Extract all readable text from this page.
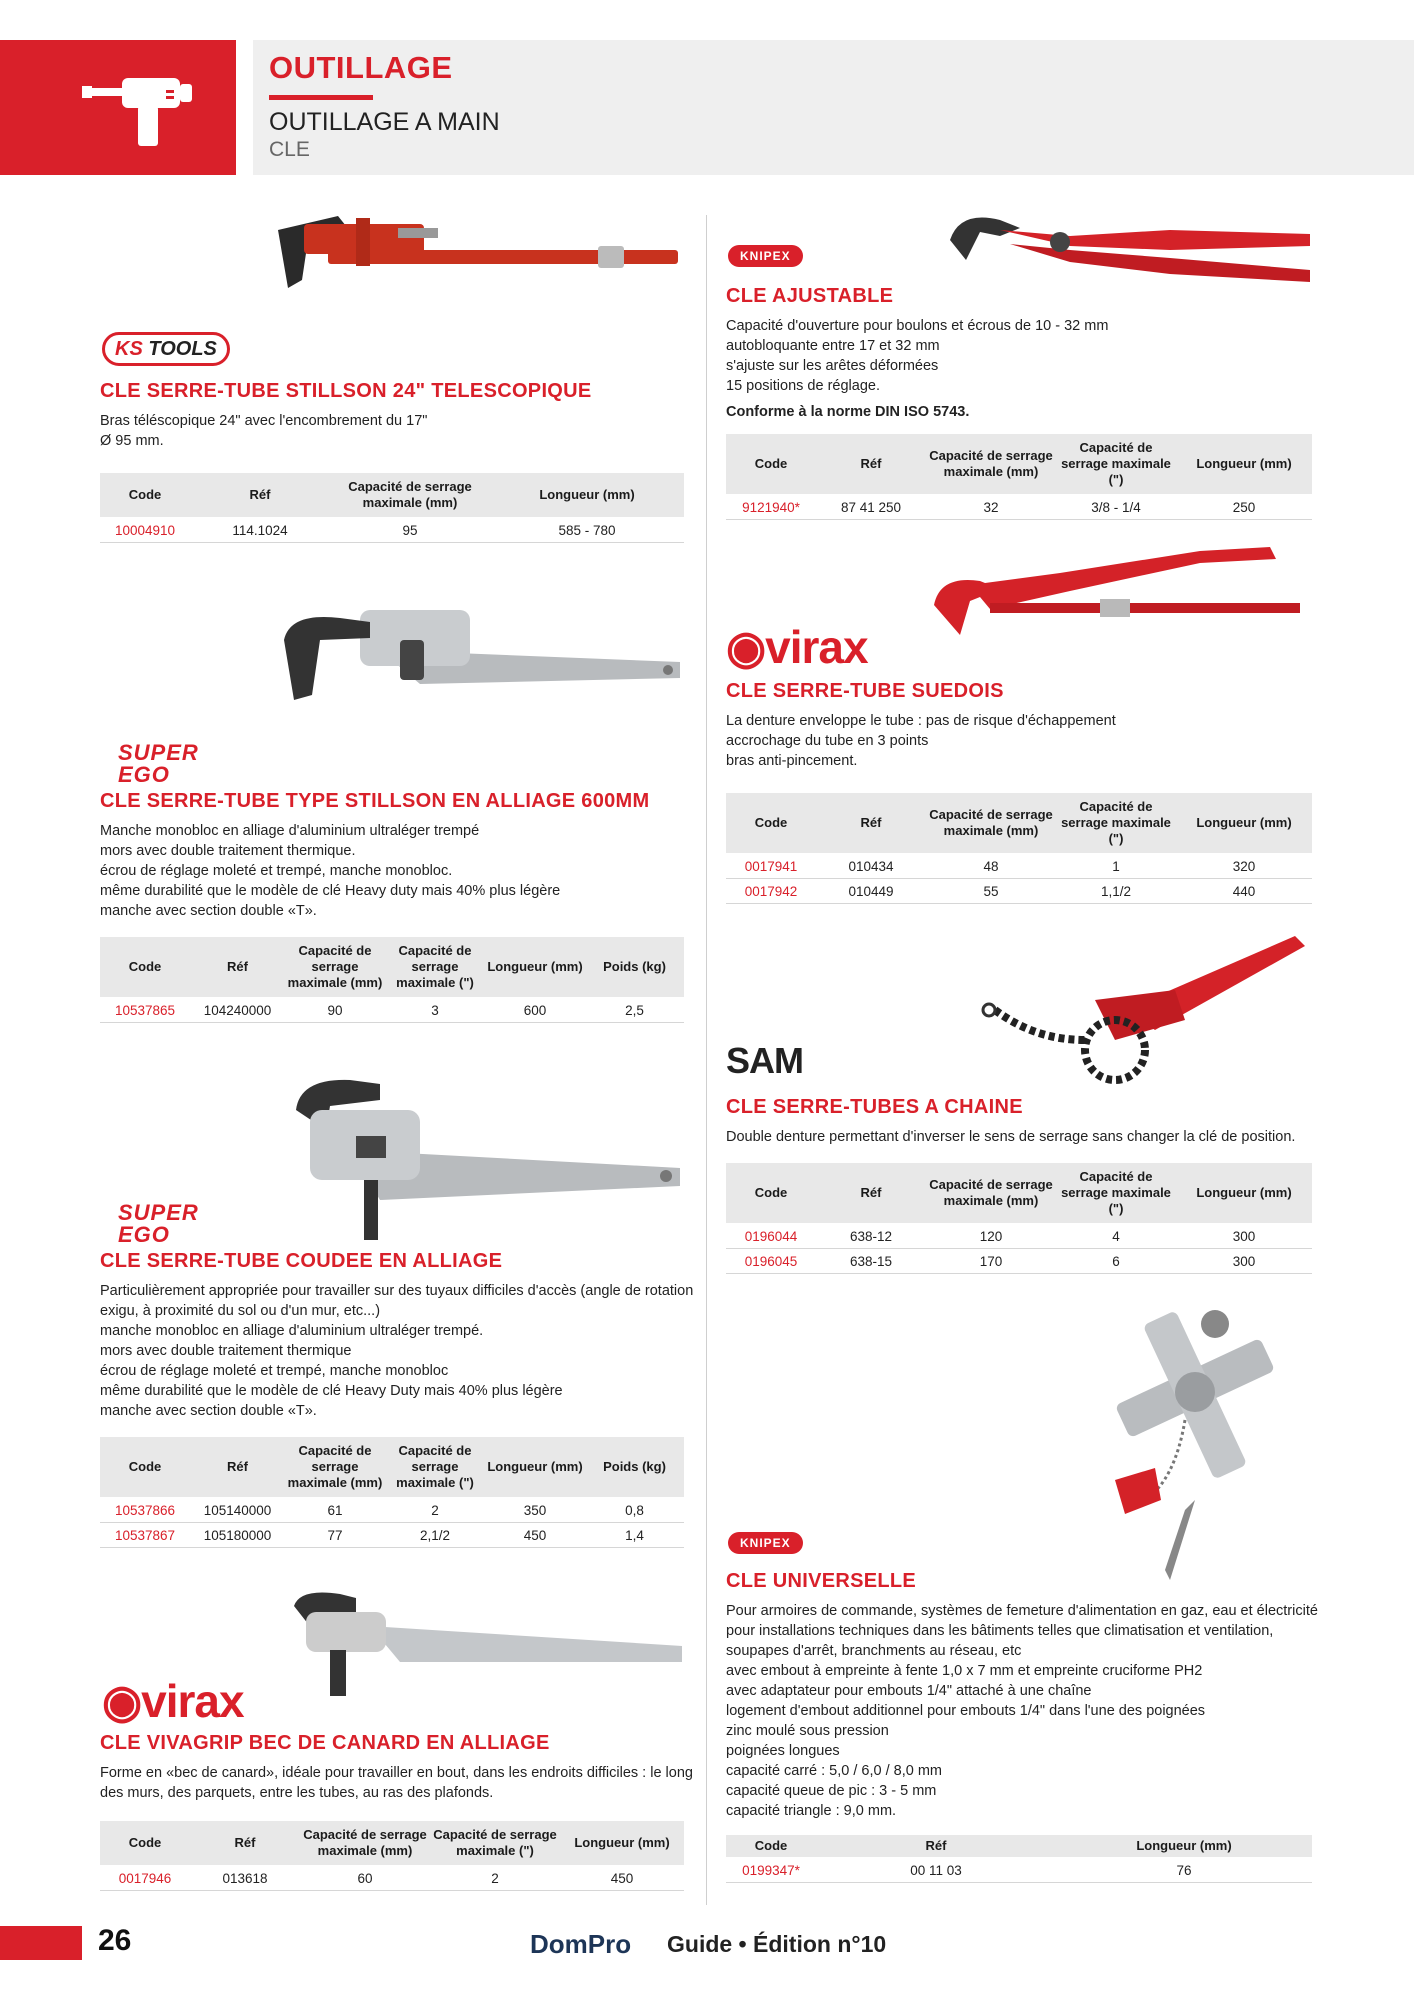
OUTILLAGE
OUTILLAGE A MAIN
CLE
KS TOOLS
CLE SERRE-TUBE STILLSON 24" TELESCOPIQUE

Bras téléscopique 24" avec l'encombrement du 17"

Ø 95 mm.

Code	Réf	Capacité de serrage maximale (mm)	Longueur (mm)
10004910	114.1024	95	585 - 780
SUPER
EGO
CLE SERRE-TUBE TYPE STILLSON EN ALLIAGE 600MM

Manche monobloc en alliage d'aluminium ultraléger trempé

mors avec double traitement thermique.

écrou de réglage moleté et trempé, manche monobloc.

même durabilité que le modèle de clé Heavy duty mais 40% plus légère

manche avec section double «T».

Code	Réf	Capacité de serrage maximale (mm)	Capacité de serrage maximale (")	Longueur (mm)	Poids (kg)
10537865	104240000	90	3	600	2,5
SUPER
EGO
CLE SERRE-TUBE COUDEE EN ALLIAGE

Particulièrement appropriée pour travailler sur des tuyaux difficiles d'accès (angle de rotation

exigu, à proximité du sol ou d'un mur, etc...)

manche monobloc en alliage d'aluminium ultraléger trempé.

mors avec double traitement thermique

écrou de réglage moleté et trempé, manche monobloc

même durabilité que le modèle de clé Heavy Duty mais 40% plus légère

manche avec section double «T».

Code	Réf	Capacité de serrage maximale (mm)	Capacité de serrage maximale (")	Longueur (mm)	Poids (kg)
10537866	105140000	61	2	350	0,8
10537867	105180000	77	2,1/2	450	1,4
◉virax
CLE VIVAGRIP BEC DE CANARD EN ALLIAGE

Forme en «bec de canard», idéale pour travailler en bout, dans les endroits difficiles : le long

des murs, des parquets, entre les tubes, au ras des plafonds.

Code	Réf	Capacité de serrage maximale (mm)	Capacité de serrage maximale (")	Longueur (mm)
0017946	013618	60	2	450
KNIPEX
CLE AJUSTABLE

Capacité d'ouverture pour boulons et écrous de 10 - 32 mm

autobloquante entre 17 et 32 mm

s'ajuste sur les arêtes déformées

15 positions de réglage.

Conforme à la norme DIN ISO 5743.

Code	Réf	Capacité de serrage maximale (mm)	Capacité de serrage maximale (")	Longueur (mm)
9121940*	87 41 250	32	3/8 - 1/4	250
◉virax
CLE SERRE-TUBE SUEDOIS

La denture enveloppe le tube : pas de risque d'échappement

accrochage du tube en 3 points

bras anti-pincement.

Code	Réf	Capacité de serrage maximale (mm)	Capacité de serrage maximale (")	Longueur (mm)
0017941	010434	48	1	320
0017942	010449	55	1,1/2	440
SAM
CLE SERRE-TUBES A CHAINE

Double denture permettant d'inverser le sens de serrage sans changer la clé de position.

Code	Réf	Capacité de serrage maximale (mm)	Capacité de serrage maximale (")	Longueur (mm)
0196044	638-12	120	4	300
0196045	638-15	170	6	300
KNIPEX
CLE UNIVERSELLE

Pour armoires de commande, systèmes de femeture d'alimentation en gaz, eau et électricité

pour installations techniques dans les bâtiments telles que climatisation et ventilation,

soupapes d'arrêt, branchments au réseau, etc

avec embout à empreinte à fente 1,0 x 7 mm et empreinte cruciforme PH2

avec adaptateur pour embouts 1/4" attaché à une chaîne

logement d'embout additionnel pour embouts 1/4" dans l'une des poignées

zinc moulé sous pression

poignées longues

capacité carré : 5,0 / 6,0 / 8,0 mm

capacité queue de pic : 3 - 5 mm

capacité triangle : 9,0 mm.

Code	Réf	Longueur (mm)
0199347*	00 11 03	76
26	DomPro Guide • Édition n°10
